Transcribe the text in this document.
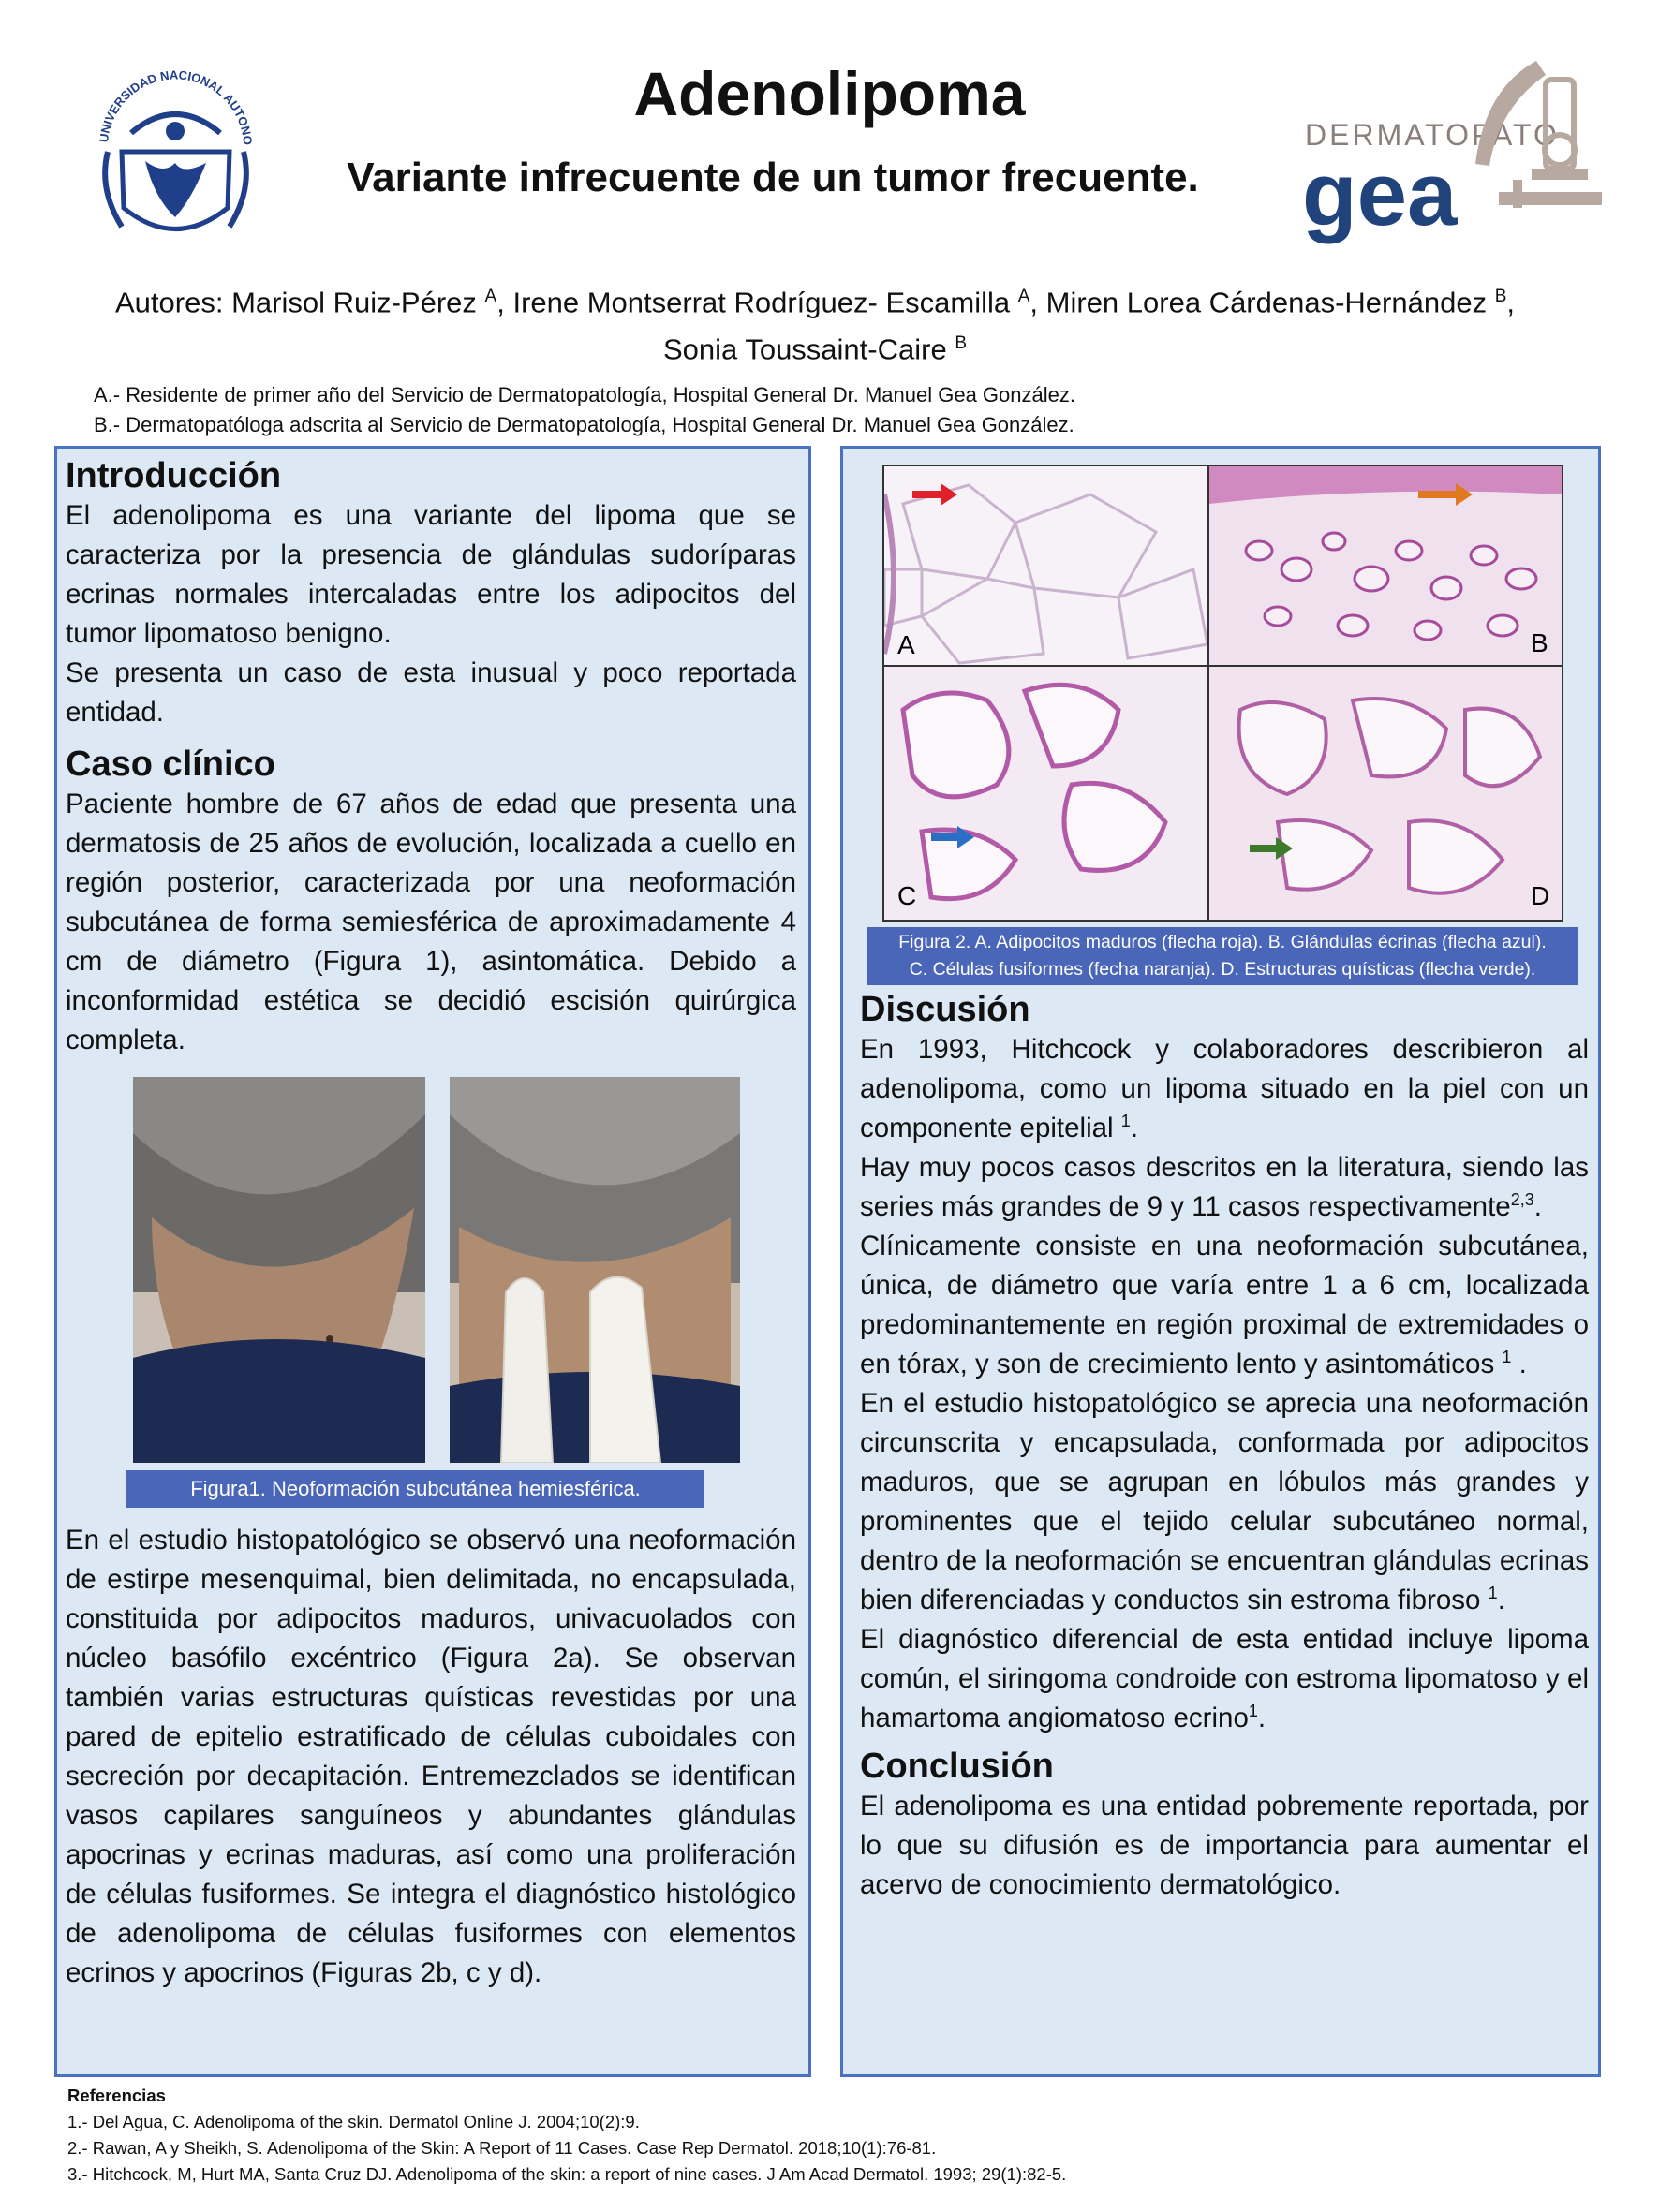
UNIVERSIDAD NACIONAL AUTONO
Adenolipoma
Variante infrecuente de un tumor frecuente.
DERMATOPATO
gea
Autores: Marisol Ruiz-Pérez $^A$, Irene Montserrat Rodríguez- Escamilla $^A$, Miren Lorea Cárdenas-Hernández $^B$,
Sonia Toussaint-Caire $^B$
A.- Residente de primer año del Servicio de Dermatopatología, Hospital General Dr. Manuel Gea González.
B.- Dermatopatóloga adscrita al Servicio de Dermatopatología, Hospital General Dr. Manuel Gea González.

Introducción

El adenolipoma es una variante del lipoma que se caracteriza por la presencia de glándulas sudoríparas ecrinas normales intercaladas entre los adipocitos del tumor lipomatoso benigno.

Se presenta un caso de esta inusual y poco reportada entidad.

Caso clínico

Paciente hombre de 67 años de edad que presenta una dermatosis de 25 años de evolución, localizada a cuello en región posterior, caracterizada por una neoformación subcutánea de forma semiesférica de aproximadamente 4 cm de diámetro (Figura 1), asintomática. Debido a inconformidad estética se decidió escisión quirúrgica completa.

Figura1. Neoformación subcutánea hemiesférica.

En el estudio histopatológico se observó una neoformación de estirpe mesenquimal, bien delimitada, no encapsulada, constituida por adipocitos maduros, univacuolados con núcleo basófilo excéntrico (Figura 2a). Se observan también varias estructuras quísticas revestidas por una pared de epitelio estratificado de células cuboidales con secreción por decapitación. Entremezclados se identifican vasos capilares sanguíneos y abundantes glándulas apocrinas y ecrinas maduras, así como una proliferación de células fusiformes. Se integra el diagnóstico histológico de adenolipoma de células fusiformes con elementos ecrinos y apocrinos (Figuras 2b, c y d).

A	B
C	D
Figura 2. A. Adipocitos maduros (flecha roja). B. Glándulas écrinas (flecha azul).
C. Células fusiformes (fecha naranja). D. Estructuras quísticas (flecha verde).

Discusión

En 1993, Hitchcock y colaboradores describieron al adenolipoma, como un lipoma situado en la piel con un componente epitelial $^1$.

Hay muy pocos casos descritos en la literatura, siendo las series más grandes de 9 y 11 casos respectivamente$^{2,3}$.

Clínicamente consiste en una neoformación subcutánea, única, de diámetro que varía entre 1 a 6 cm, localizada predominantemente en región proximal de extremidades o en tórax, y son de crecimiento lento y asintomáticos $^1$ .

En el estudio histopatológico se aprecia una neoformación circunscrita y encapsulada, conformada por adipocitos maduros, que se agrupan en lóbulos más grandes y prominentes que el tejido celular subcutáneo normal, dentro de la neoformación se encuentran glándulas ecrinas bien diferenciadas y conductos sin estroma fibroso $^1$.

El diagnóstico diferencial de esta entidad incluye lipoma común, el siringoma condroide con estroma lipomatoso y el hamartoma angiomatoso ecrino$^1$.

Conclusión

El adenolipoma es una entidad pobremente reportada, por lo que su difusión es de importancia para aumentar el acervo de conocimiento dermatológico.

Referencias
1.- Del Agua, C. Adenolipoma of the skin. Dermatol Online J. 2004;10(2):9.
2.- Rawan, A y Sheikh, S. Adenolipoma of the Skin: A Report of 11 Cases. Case Rep Dermatol. 2018;10(1):76-81.
3.- Hitchcock, M, Hurt MA, Santa Cruz DJ. Adenolipoma of the skin: a report of nine cases. J Am Acad Dermatol. 1993; 29(1):82-5.
